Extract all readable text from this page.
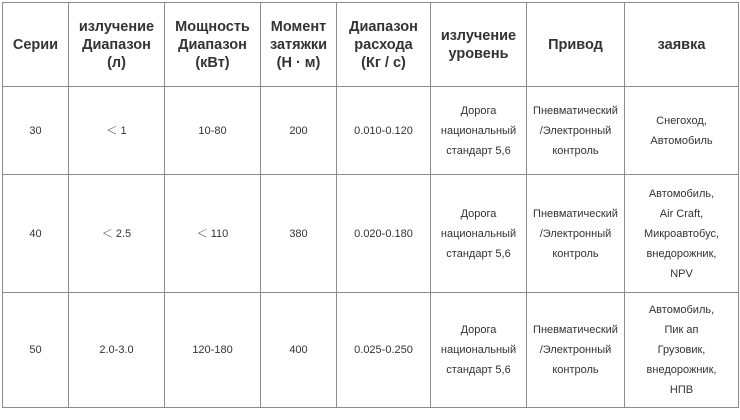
Серии	излучение
Диапазон
(л)	Мощность
Диапазон
(кВт)	Момент
затяжки
(Н · м)	Диапазон
расхода
(Кг / с)	излучение
уровень	Привод	заявка

30	＜ 1	10-80	200	0.010-0.120	Дорога
национальный
стандарт 5,6	Пневматический
/Электронный
контроль	Снегоход,
Автомобиль

40	＜ 2.5	＜ 110	380	0.020-0.180	Дорога
национальный
стандарт 5,6	Пневматический
/Электронный
контроль	Автомобиль,
Air Craft,
Микроавтобус,
внедорожник,
NPV

50	2.0-3.0	120-180	400	0.025-0.250	Дорога
национальный
стандарт 5,6	Пневматический
/Электронный
контроль	Автомобиль,
Пик ап
Грузовик,
внедорожник,
НПВ
